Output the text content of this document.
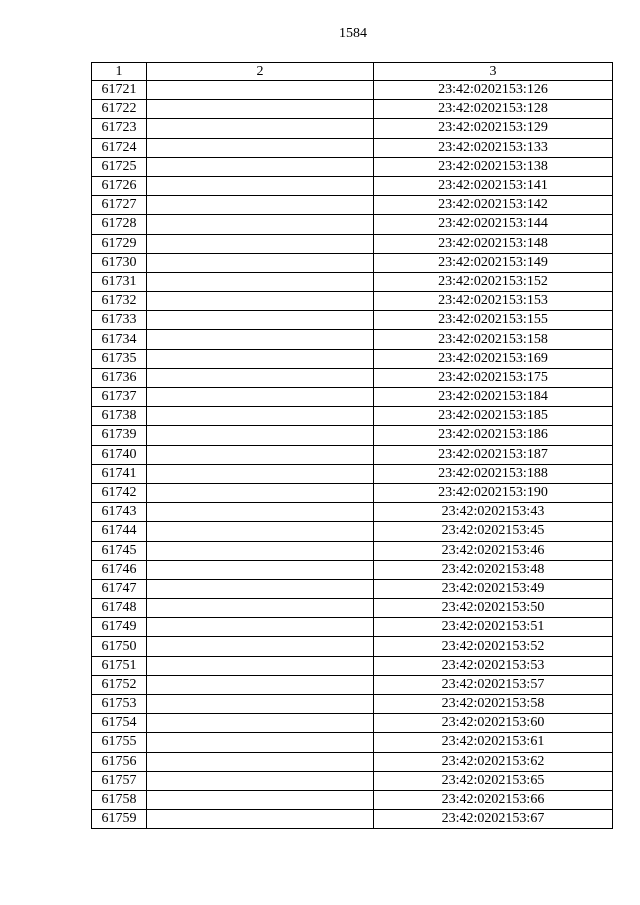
1584
1	2	3
61721		23:42:0202153:126
61722		23:42:0202153:128
61723		23:42:0202153:129
61724		23:42:0202153:133
61725		23:42:0202153:138
61726		23:42:0202153:141
61727		23:42:0202153:142
61728		23:42:0202153:144
61729		23:42:0202153:148
61730		23:42:0202153:149
61731		23:42:0202153:152
61732		23:42:0202153:153
61733		23:42:0202153:155
61734		23:42:0202153:158
61735		23:42:0202153:169
61736		23:42:0202153:175
61737		23:42:0202153:184
61738		23:42:0202153:185
61739		23:42:0202153:186
61740		23:42:0202153:187
61741		23:42:0202153:188
61742		23:42:0202153:190
61743		23:42:0202153:43
61744		23:42:0202153:45
61745		23:42:0202153:46
61746		23:42:0202153:48
61747		23:42:0202153:49
61748		23:42:0202153:50
61749		23:42:0202153:51
61750		23:42:0202153:52
61751		23:42:0202153:53
61752		23:42:0202153:57
61753		23:42:0202153:58
61754		23:42:0202153:60
61755		23:42:0202153:61
61756		23:42:0202153:62
61757		23:42:0202153:65
61758		23:42:0202153:66
61759		23:42:0202153:67
